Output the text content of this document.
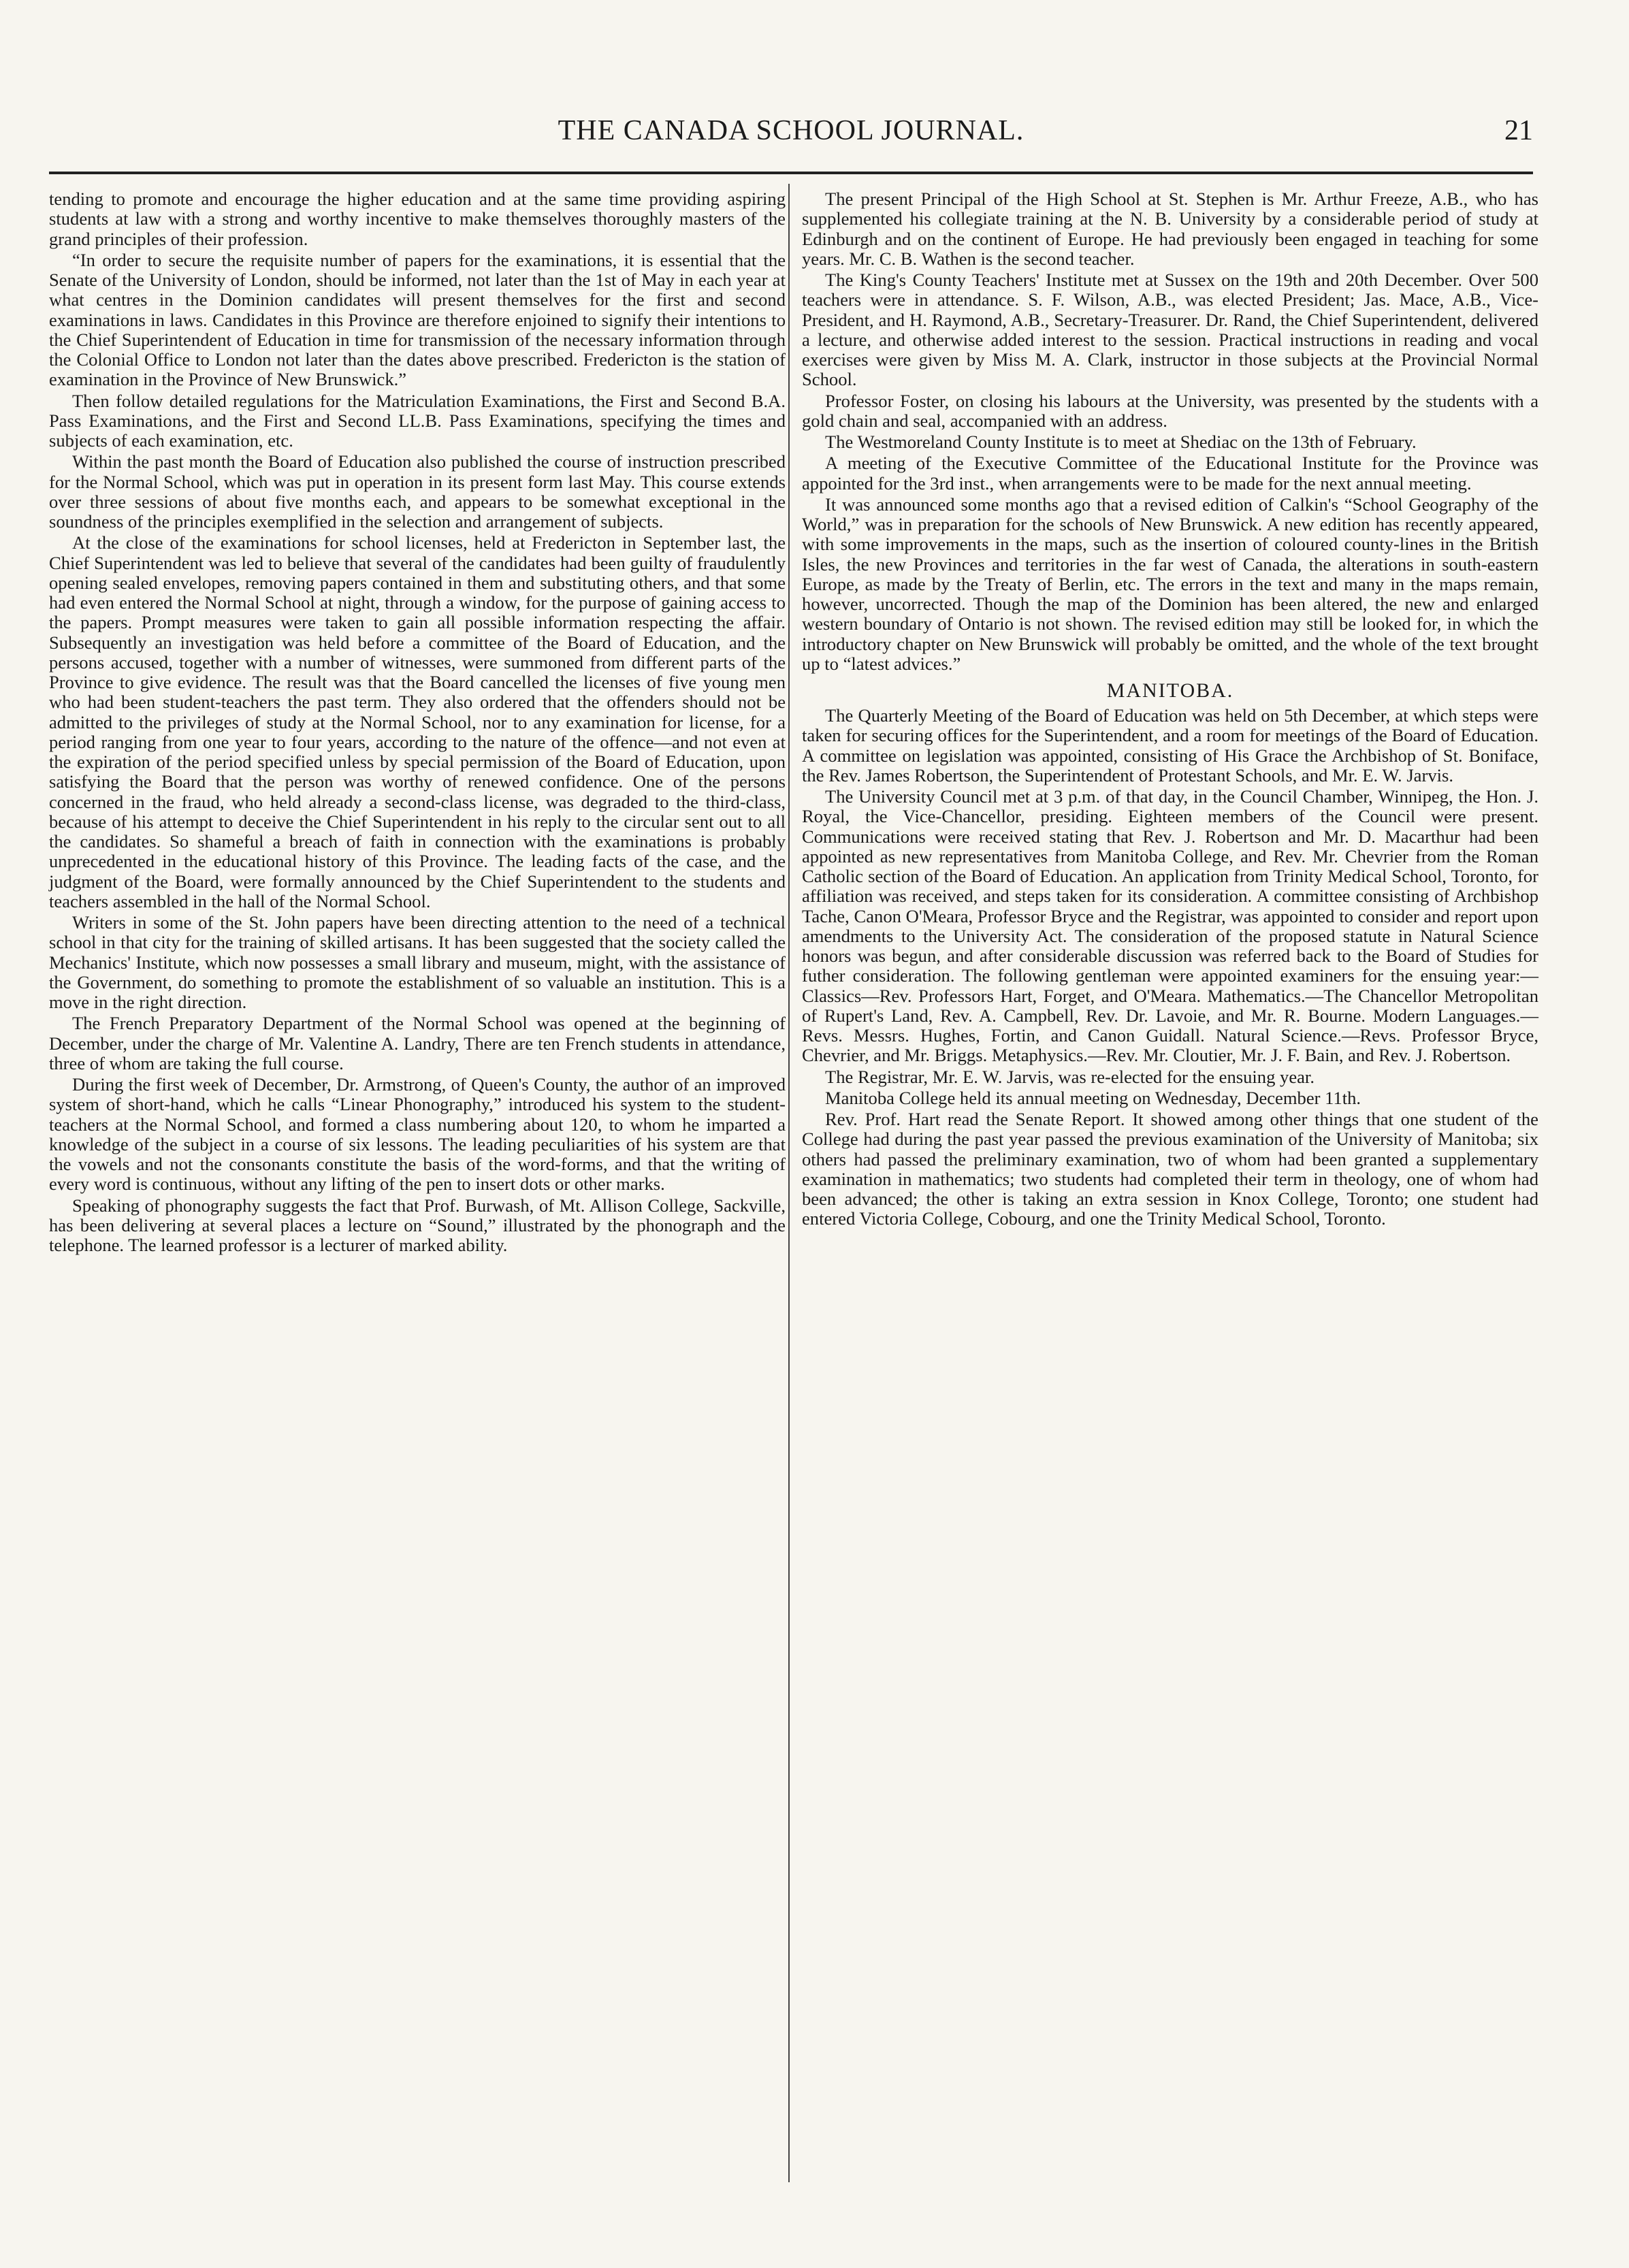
THE CANADA SCHOOL JOURNAL.	21

tending to promote and encourage the higher education and at the same time providing aspiring students at law with a strong and worthy incentive to make themselves thoroughly masters of the grand principles of their profession.

“In order to secure the requisite number of papers for the examinations, it is essential that the Senate of the University of London, should be informed, not later than the 1st of May in each year at what centres in the Dominion candidates will present themselves for the first and second examinations in laws. Candidates in this Province are therefore enjoined to signify their intentions to the Chief Superintendent of Education in time for transmission of the necessary information through the Colonial Office to London not later than the dates above prescribed. Fredericton is the station of examination in the Province of New Brunswick.”

Then follow detailed regulations for the Matriculation Examinations, the First and Second B.A. Pass Examinations, and the First and Second LL.B. Pass Examinations, specifying the times and subjects of each examination, etc.

Within the past month the Board of Education also published the course of instruction prescribed for the Normal School, which was put in operation in its present form last May. This course extends over three sessions of about five months each, and appears to be somewhat exceptional in the soundness of the principles exemplified in the selection and arrangement of subjects.

At the close of the examinations for school licenses, held at Fredericton in September last, the Chief Superintendent was led to believe that several of the candidates had been guilty of fraudulently opening sealed envelopes, removing papers contained in them and substituting others, and that some had even entered the Normal School at night, through a window, for the purpose of gaining access to the papers. Prompt measures were taken to gain all possible information respecting the affair. Subsequently an investigation was held before a committee of the Board of Education, and the persons accused, together with a number of witnesses, were summoned from different parts of the Province to give evidence. The result was that the Board cancelled the licenses of five young men who had been student-teachers the past term. They also ordered that the offenders should not be admitted to the privileges of study at the Normal School, nor to any examination for license, for a period ranging from one year to four years, according to the nature of the offence—and not even at the expiration of the period specified unless by special permission of the Board of Education, upon satisfying the Board that the person was worthy of renewed confidence. One of the persons concerned in the fraud, who held already a second-class license, was degraded to the third-class, because of his attempt to deceive the Chief Superintendent in his reply to the circular sent out to all the candidates. So shameful a breach of faith in connection with the examinations is probably unprecedented in the educational history of this Province. The leading facts of the case, and the judgment of the Board, were formally announced by the Chief Superintendent to the students and teachers assembled in the hall of the Normal School.

Writers in some of the St. John papers have been directing attention to the need of a technical school in that city for the training of skilled artisans. It has been suggested that the society called the Mechanics' Institute, which now possesses a small library and museum, might, with the assistance of the Government, do something to promote the establishment of so valuable an institution. This is a move in the right direction.

The French Preparatory Department of the Normal School was opened at the beginning of December, under the charge of Mr. Valentine A. Landry, There are ten French students in attendance, three of whom are taking the full course.

During the first week of December, Dr. Armstrong, of Queen's County, the author of an improved system of short-hand, which he calls “Linear Phonography,” introduced his system to the student-teachers at the Normal School, and formed a class numbering about 120, to whom he imparted a knowledge of the subject in a course of six lessons. The leading peculiarities of his system are that the vowels and not the consonants constitute the basis of the word-forms, and that the writing of every word is continuous, without any lifting of the pen to insert dots or other marks.

Speaking of phonography suggests the fact that Prof. Burwash, of Mt. Allison College, Sackville, has been delivering at several places a lecture on “Sound,” illustrated by the phonograph and the telephone. The learned professor is a lecturer of marked ability.

The present Principal of the High School at St. Stephen is Mr. Arthur Freeze, A.B., who has supplemented his collegiate training at the N. B. University by a considerable period of study at Edinburgh and on the continent of Europe. He had previously been engaged in teaching for some years. Mr. C. B. Wathen is the second teacher.

The King's County Teachers' Institute met at Sussex on the 19th and 20th December. Over 500 teachers were in attendance. S. F. Wilson, A.B., was elected President; Jas. Mace, A.B., Vice-President, and H. Raymond, A.B., Secretary-Treasurer. Dr. Rand, the Chief Superintendent, delivered a lecture, and otherwise added interest to the session. Practical instructions in reading and vocal exercises were given by Miss M. A. Clark, instructor in those subjects at the Provincial Normal School.

Professor Foster, on closing his labours at the University, was presented by the students with a gold chain and seal, accompanied with an address.

The Westmoreland County Institute is to meet at Shediac on the 13th of February.

A meeting of the Executive Committee of the Educational Institute for the Province was appointed for the 3rd inst., when arrangements were to be made for the next annual meeting.

It was announced some months ago that a revised edition of Calkin's “School Geography of the World,” was in preparation for the schools of New Brunswick. A new edition has recently appeared, with some improvements in the maps, such as the insertion of coloured county-lines in the British Isles, the new Provinces and territories in the far west of Canada, the alterations in south-eastern Europe, as made by the Treaty of Berlin, etc. The errors in the text and many in the maps remain, however, uncorrected. Though the map of the Dominion has been altered, the new and enlarged western boundary of Ontario is not shown. The revised edition may still be looked for, in which the introductory chapter on New Brunswick will probably be omitted, and the whole of the text brought up to “latest advices.”

MANITOBA.

The Quarterly Meeting of the Board of Education was held on 5th December, at which steps were taken for securing offices for the Superintendent, and a room for meetings of the Board of Education. A committee on legislation was appointed, consisting of His Grace the Archbishop of St. Boniface, the Rev. James Robertson, the Superintendent of Protestant Schools, and Mr. E. W. Jarvis.

The University Council met at 3 p.m. of that day, in the Council Chamber, Winnipeg, the Hon. J. Royal, the Vice-Chancellor, presiding. Eighteen members of the Council were present. Communications were received stating that Rev. J. Robertson and Mr. D. Macarthur had been appointed as new representatives from Manitoba College, and Rev. Mr. Chevrier from the Roman Catholic section of the Board of Education. An application from Trinity Medical School, Toronto, for affiliation was received, and steps taken for its consideration. A committee consisting of Archbishop Tache, Canon O'Meara, Professor Bryce and the Registrar, was appointed to consider and report upon amendments to the University Act. The consideration of the proposed statute in Natural Science honors was begun, and after considerable discussion was referred back to the Board of Studies for futher consideration. The following gentleman were appointed examiners for the ensuing year:—Classics—Rev. Professors Hart, Forget, and O'Meara. Mathematics.—The Chancellor Metropolitan of Rupert's Land, Rev. A. Campbell, Rev. Dr. Lavoie, and Mr. R. Bourne. Modern Languages.—Revs. Messrs. Hughes, Fortin, and Canon Guidall. Natural Science.—Revs. Professor Bryce, Chevrier, and Mr. Briggs. Metaphysics.—Rev. Mr. Cloutier, Mr. J. F. Bain, and Rev. J. Robertson.

The Registrar, Mr. E. W. Jarvis, was re-elected for the ensuing year.

Manitoba College held its annual meeting on Wednesday, December 11th.

Rev. Prof. Hart read the Senate Report. It showed among other things that one student of the College had during the past year passed the previous examination of the University of Manitoba; six others had passed the preliminary examination, two of whom had been granted a supplementary examination in mathematics; two students had completed their term in theology, one of whom had been advanced; the other is taking an extra session in Knox College, Toronto; one student had entered Victoria College, Cobourg, and one the Trinity Medical School, Toronto.
